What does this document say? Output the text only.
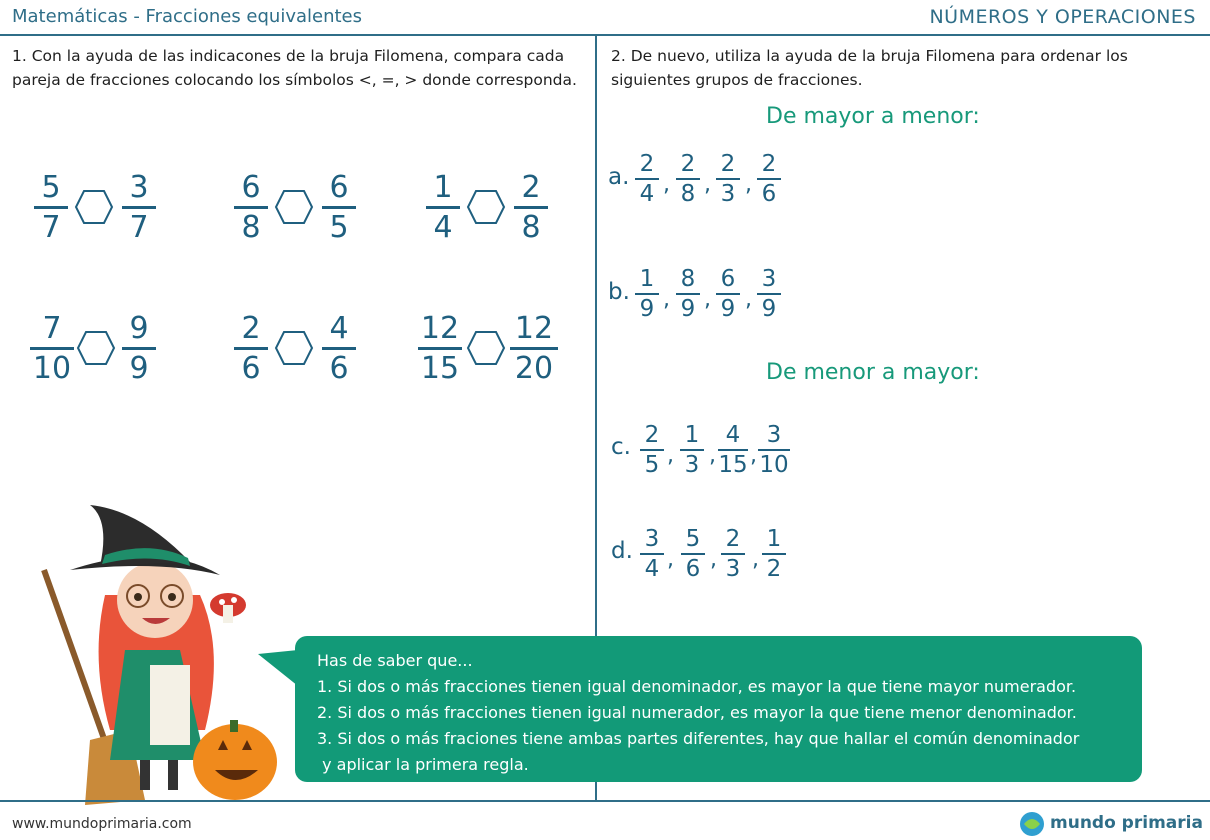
Matemáticas - Fracciones equivalentes	NÚMEROS Y OPERACIONES
1. Con la ayuda de las indicacones de la bruja Filomena, compara cada pareja de fracciones colocando los símbolos <, =, > donde corresponda.
5
7
3
7
6
8
6
5
1
4
2
8
7
10
9
9
2
6
4
6
12
15
12
20
2. De nuevo, utiliza la ayuda de la bruja Filomena para ordenar los siguientes grupos de fracciones.
De mayor a menor:
De menor a mayor:
a. 2
4 ,
2
8 ,
2
3 ,
2
6
b. 1
9 ,
8
9 ,
6
9 ,
3
9
c. 2
5 ,
1
3 ,
4
15 ,
3
10
d. 3
4 ,
5
6 ,
2
3 ,
1
2
Has de saber que...
1. Si dos o más fracciones tienen igual denominador, es mayor la que tiene mayor numerador.
2. Si dos o más fracciones tienen igual numerador, es mayor la que tiene menor denominador.
3. Si dos o más fraciones tiene ambas partes diferentes, hay que hallar el común denominador
y aplicar la primera regla.
www.mundoprimaria.com	mundo primaria
